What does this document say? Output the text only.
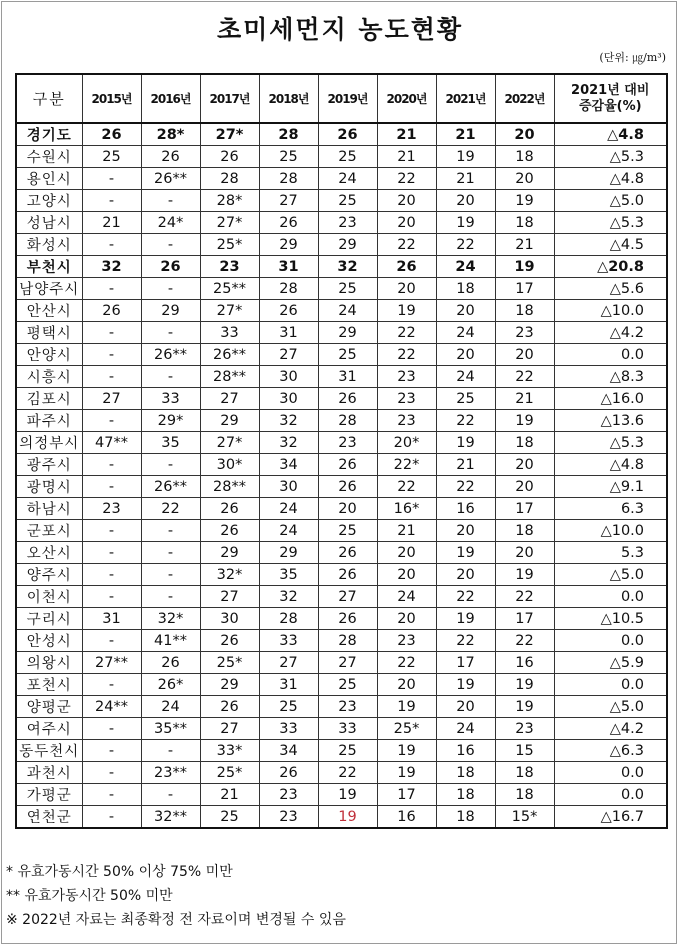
초미세먼지 농도현황
(단위: ㎍/m³)
구분	2015년	2016년	2017년	2018년	2019년	2020년	2021년	2022년	2021년 대비
증감율(%)

경기도	26	28*	27*	28	26	21	21	20	△4.8
수원시	25	26	26	25	25	21	19	18	△5.3
용인시	-	26**	28	28	24	22	21	20	△4.8
고양시	-	-	28*	27	25	20	20	19	△5.0
성남시	21	24*	27*	26	23	20	19	18	△5.3
화성시	-	-	25*	29	29	22	22	21	△4.5
부천시	32	26	23	31	32	26	24	19	△20.8
남양주시	-	-	25**	28	25	20	18	17	△5.6
안산시	26	29	27*	26	24	19	20	18	△10.0
평택시	-	-	33	31	29	22	24	23	△4.2
안양시	-	26**	26**	27	25	22	20	20	0.0
시흥시	-	-	28**	30	31	23	24	22	△8.3
김포시	27	33	27	30	26	23	25	21	△16.0
파주시	-	29*	29	32	28	23	22	19	△13.6
의정부시	47**	35	27*	32	23	20*	19	18	△5.3
광주시	-	-	30*	34	26	22*	21	20	△4.8
광명시	-	26**	28**	30	26	22	22	20	△9.1
하남시	23	22	26	24	20	16*	16	17	6.3
군포시	-	-	26	24	25	21	20	18	△10.0
오산시	-	-	29	29	26	20	19	20	5.3
양주시	-	-	32*	35	26	20	20	19	△5.0
이천시	-	-	27	32	27	24	22	22	0.0
구리시	31	32*	30	28	26	20	19	17	△10.5
안성시	-	41**	26	33	28	23	22	22	0.0
의왕시	27**	26	25*	27	27	22	17	16	△5.9
포천시	-	26*	29	31	25	20	19	19	0.0
양평군	24**	24	26	25	23	19	20	19	△5.0
여주시	-	35**	27	33	33	25*	24	23	△4.2
동두천시	-	-	33*	34	25	19	16	15	△6.3
과천시	-	23**	25*	26	22	19	18	18	0.0
가평군	-	-	21	23	19	17	18	18	0.0
연천군	-	32**	25	23	19	16	18	15*	△16.7
* 유효가동시간 50% 이상 75% 미만
** 유효가동시간 50% 미만
※ 2022년 자료는 최종확정 전 자료이며 변경될 수 있음
